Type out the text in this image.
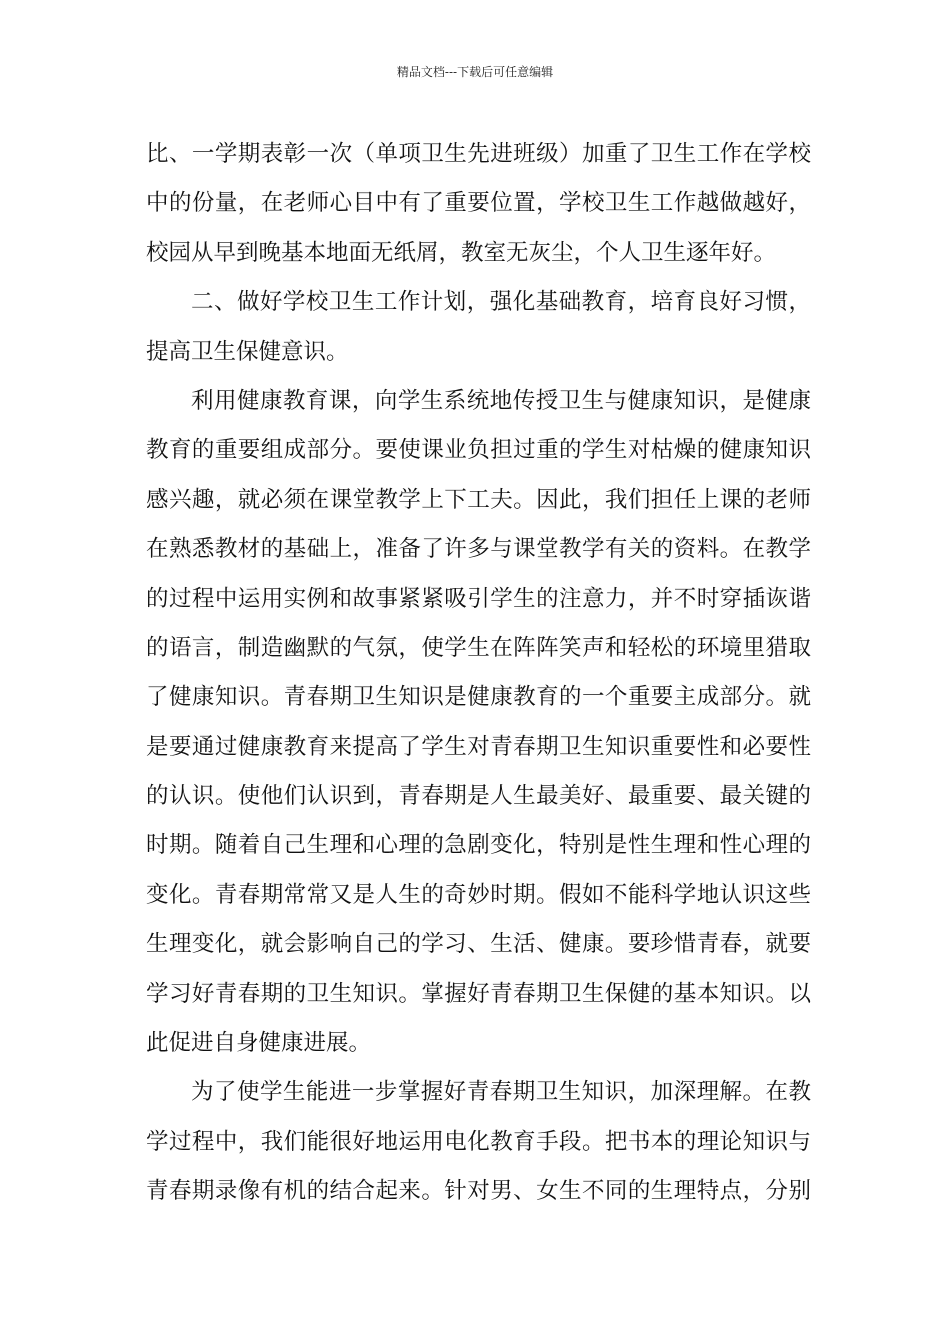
精品文档---下载后可任意编辑
比、一学期表彰一次（单项卫生先进班级）加重了卫生工作在学校
中的份量，在老师心目中有了重要位置，学校卫生工作越做越好，
校园从早到晚基本地面无纸屑，教室无灰尘，个人卫生逐年好。
二、做好学校卫生工作计划，强化基础教育，培育良好习惯，
提高卫生保健意识。
利用健康教育课，向学生系统地传授卫生与健康知识，是健康
教育的重要组成部分。要使课业负担过重的学生对枯燥的健康知识
感兴趣，就必须在课堂教学上下工夫。因此，我们担任上课的老师
在熟悉教材的基础上，准备了许多与课堂教学有关的资料。在教学
的过程中运用实例和故事紧紧吸引学生的注意力，并不时穿插诙谐
的语言，制造幽默的气氛，使学生在阵阵笑声和轻松的环境里猎取
了健康知识。青春期卫生知识是健康教育的一个重要主成部分。就
是要通过健康教育来提高了学生对青春期卫生知识重要性和必要性
的认识。使他们认识到，青春期是人生最美好、最重要、最关键的
时期。随着自己生理和心理的急剧变化，特别是性生理和性心理的
变化。青春期常常又是人生的奇妙时期。假如不能科学地认识这些
生理变化，就会影响自己的学习、生活、健康。要珍惜青春，就要
学习好青春期的卫生知识。掌握好青春期卫生保健的基本知识。以
此促进自身健康进展。
为了使学生能进一步掌握好青春期卫生知识，加深理解。在教
学过程中，我们能很好地运用电化教育手段。把书本的理论知识与
青春期录像有机的结合起来。针对男、女生不同的生理特点，分别
